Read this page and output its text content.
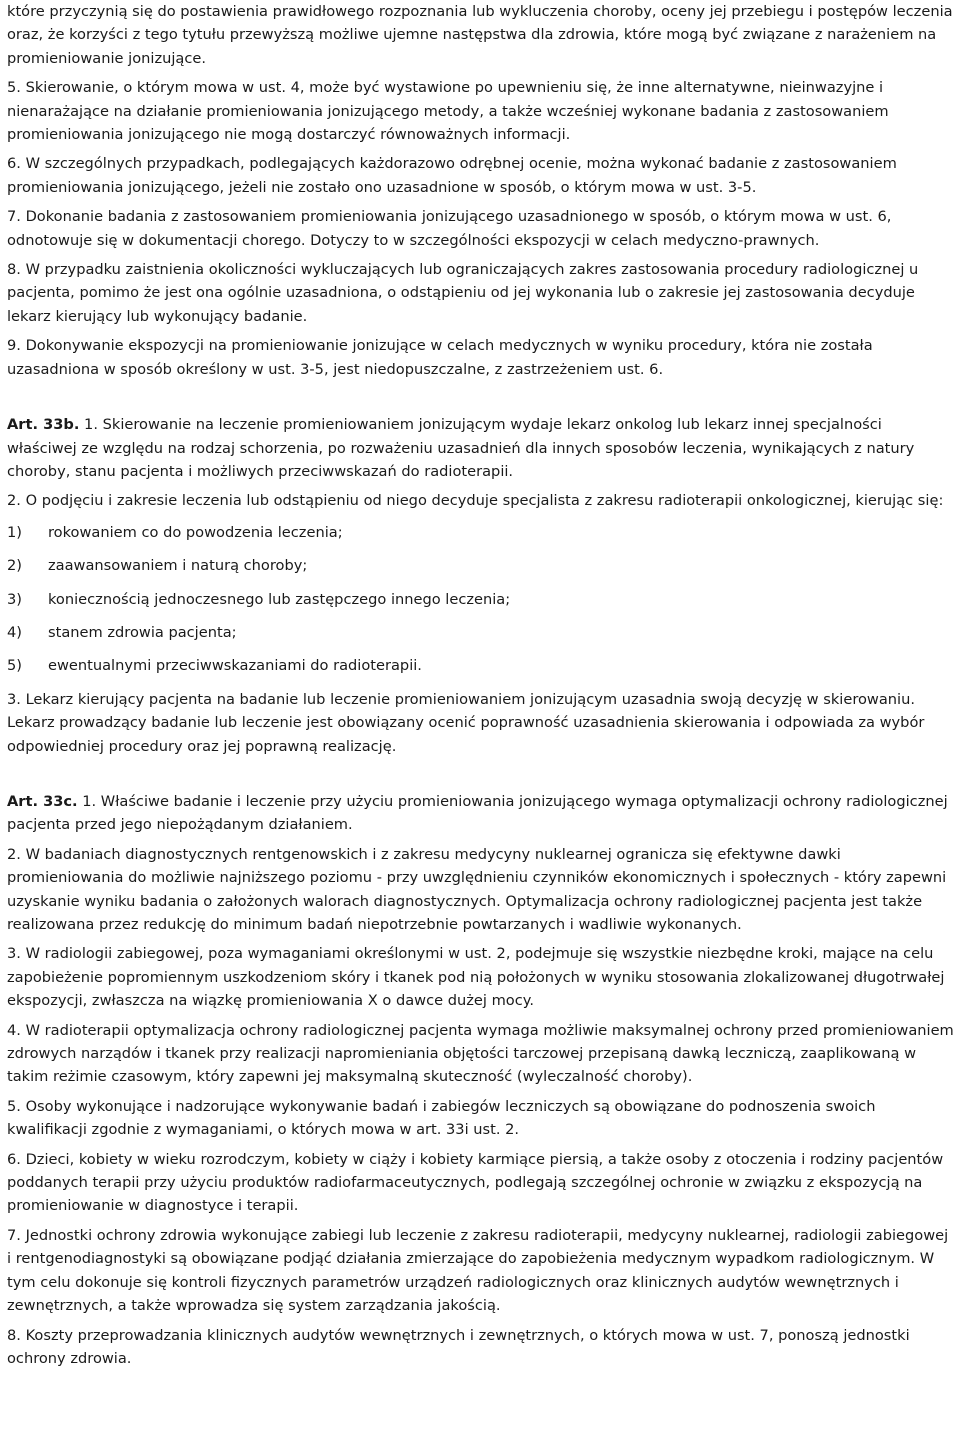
które przyczynią się do postawienia prawidłowego rozpoznania lub wykluczenia choroby, oceny jej przebiegu i postępów leczenia oraz, że korzyści z tego tytułu przewyższą możliwe ujemne następstwa dla zdrowia, które mogą być związane z narażeniem na promieniowanie jonizujące.
5. Skierowanie, o którym mowa w ust. 4, może być wystawione po upewnieniu się, że inne alternatywne, nieinwazyjne i nienarażające na działanie promieniowania jonizującego metody, a także wcześniej wykonane badania z zastosowaniem promieniowania jonizującego nie mogą dostarczyć równoważnych informacji.
6. W szczególnych przypadkach, podlegających każdorazowo odrębnej ocenie, można wykonać badanie z zastosowaniem promieniowania jonizującego, jeżeli nie zostało ono uzasadnione w sposób, o którym mowa w ust. 3-5.
7. Dokonanie badania z zastosowaniem promieniowania jonizującego uzasadnionego w sposób, o którym mowa w ust. 6, odnotowuje się w dokumentacji chorego. Dotyczy to w szczególności ekspozycji w celach medyczno-prawnych.
8. W przypadku zaistnienia okoliczności wykluczających lub ograniczających zakres zastosowania procedury radiologicznej u pacjenta, pomimo że jest ona ogólnie uzasadniona, o odstąpieniu od jej wykonania lub o zakresie jej zastosowania decyduje lekarz kierujący lub wykonujący badanie.
9. Dokonywanie ekspozycji na promieniowanie jonizujące w celach medycznych w wyniku procedury, która nie została uzasadniona w sposób określony w ust. 3-5, jest niedopuszczalne, z zastrzeżeniem ust. 6.
Art. 33b. 1. Skierowanie na leczenie promieniowaniem jonizującym wydaje lekarz onkolog lub lekarz innej specjalności właściwej ze względu na rodzaj schorzenia, po rozważeniu uzasadnień dla innych sposobów leczenia, wynikających z natury choroby, stanu pacjenta i możliwych przeciwwskazań do radioterapii.
2. O podjęciu i zakresie leczenia lub odstąpieniu od niego decyduje specjalista z zakresu radioterapii onkologicznej, kierując się:
1)	rokowaniem co do powodzenia leczenia;
2)	zaawansowaniem i naturą choroby;
3)	koniecznością jednoczesnego lub zastępczego innego leczenia;
4)	stanem zdrowia pacjenta;
5)	ewentualnymi przeciwwskazaniami do radioterapii.
3. Lekarz kierujący pacjenta na badanie lub leczenie promieniowaniem jonizującym uzasadnia swoją decyzję w skierowaniu. Lekarz prowadzący badanie lub leczenie jest obowiązany ocenić poprawność uzasadnienia skierowania i odpowiada za wybór odpowiedniej procedury oraz jej poprawną realizację.
Art. 33c. 1. Właściwe badanie i leczenie przy użyciu promieniowania jonizującego wymaga optymalizacji ochrony radiologicznej pacjenta przed jego niepożądanym działaniem.
2. W badaniach diagnostycznych rentgenowskich i z zakresu medycyny nuklearnej ogranicza się efektywne dawki promieniowania do możliwie najniższego poziomu - przy uwzględnieniu czynników ekonomicznych i społecznych - który zapewni uzyskanie wyniku badania o założonych walorach diagnostycznych. Optymalizacja ochrony radiologicznej pacjenta jest także realizowana przez redukcję do minimum badań niepotrzebnie powtarzanych i wadliwie wykonanych.
3. W radiologii zabiegowej, poza wymaganiami określonymi w ust. 2, podejmuje się wszystkie niezbędne kroki, mające na celu zapobieżenie popromiennym uszkodzeniom skóry i tkanek pod nią położonych w wyniku stosowania zlokalizowanej długotrwałej ekspozycji, zwłaszcza na wiązkę promieniowania X o dawce dużej mocy.
4. W radioterapii optymalizacja ochrony radiologicznej pacjenta wymaga możliwie maksymalnej ochrony przed promieniowaniem zdrowych narządów i tkanek przy realizacji napromieniania objętości tarczowej przepisaną dawką leczniczą, zaaplikowaną w takim reżimie czasowym, który zapewni jej maksymalną skuteczność (wyleczalność choroby).
5. Osoby wykonujące i nadzorujące wykonywanie badań i zabiegów leczniczych są obowiązane do podnoszenia swoich kwalifikacji zgodnie z wymaganiami, o których mowa w art. 33i ust. 2.
6. Dzieci, kobiety w wieku rozrodczym, kobiety w ciąży i kobiety karmiące piersią, a także osoby z otoczenia i rodziny pacjentów poddanych terapii przy użyciu produktów radiofarmaceutycznych, podlegają szczególnej ochronie w związku z ekspozycją na promieniowanie w diagnostyce i terapii.
7. Jednostki ochrony zdrowia wykonujące zabiegi lub leczenie z zakresu radioterapii, medycyny nuklearnej, radiologii zabiegowej i rentgenodiagnostyki są obowiązane podjąć działania zmierzające do zapobieżenia medycznym wypadkom radiologicznym. W tym celu dokonuje się kontroli fizycznych parametrów urządzeń radiologicznych oraz klinicznych audytów wewnętrznych i zewnętrznych, a także wprowadza się system zarządzania jakością.
8. Koszty przeprowadzania klinicznych audytów wewnętrznych i zewnętrznych, o których mowa w ust. 7, ponoszą jednostki ochrony zdrowia.
